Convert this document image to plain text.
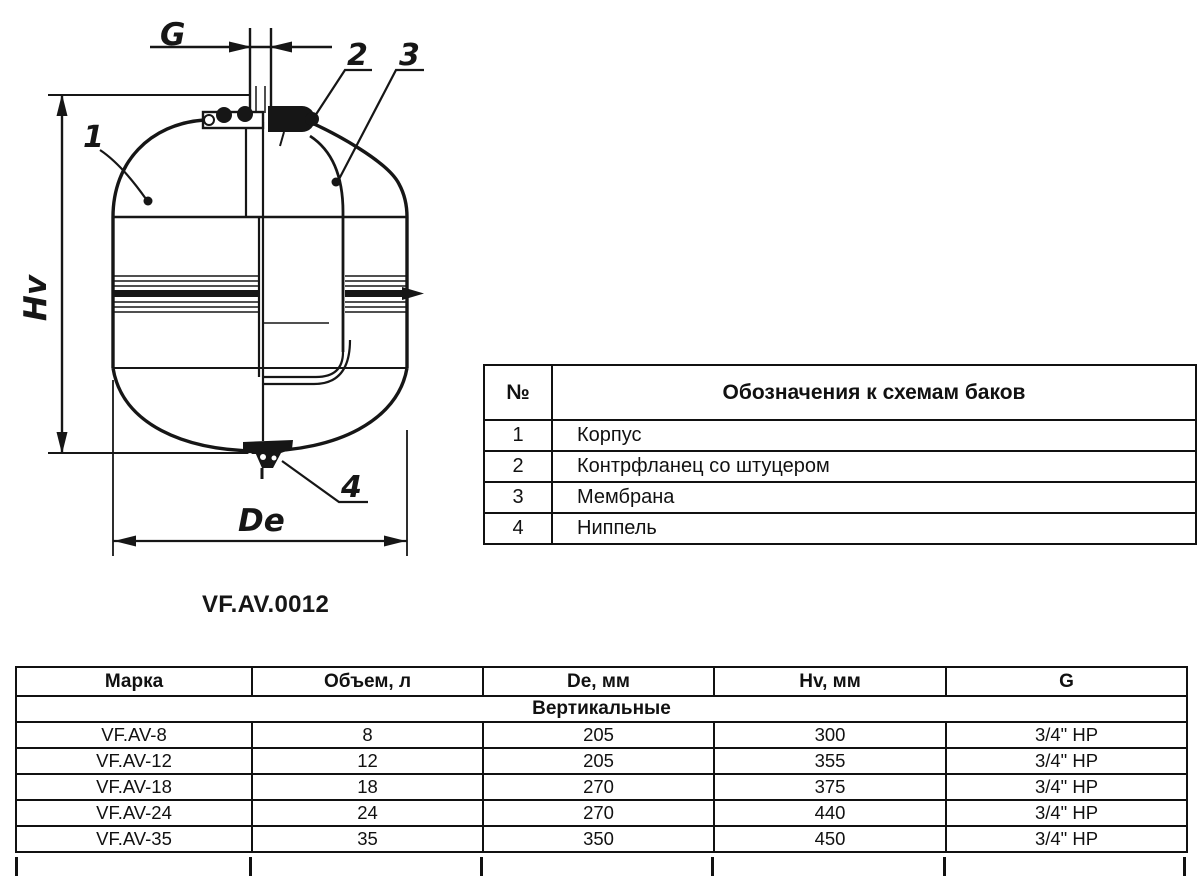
Hv
G
De
1
2 3
4
VF.AV.0012
№	Обозначения к схемам баков
1	Корпус
2	Контрфланец со штуцером
3	Мембрана
4	Ниппель
Марка	Объем, л	De, мм	Hv, мм	G
Вертикальные				
VF.AV-8	8	205	300	3/4" НР
VF.AV-12	12	205	355	3/4" НР
VF.AV-18	18	270	375	3/4" НР
VF.AV-24	24	270	440	3/4" НР
VF.AV-35	35	350	450	3/4" НР
